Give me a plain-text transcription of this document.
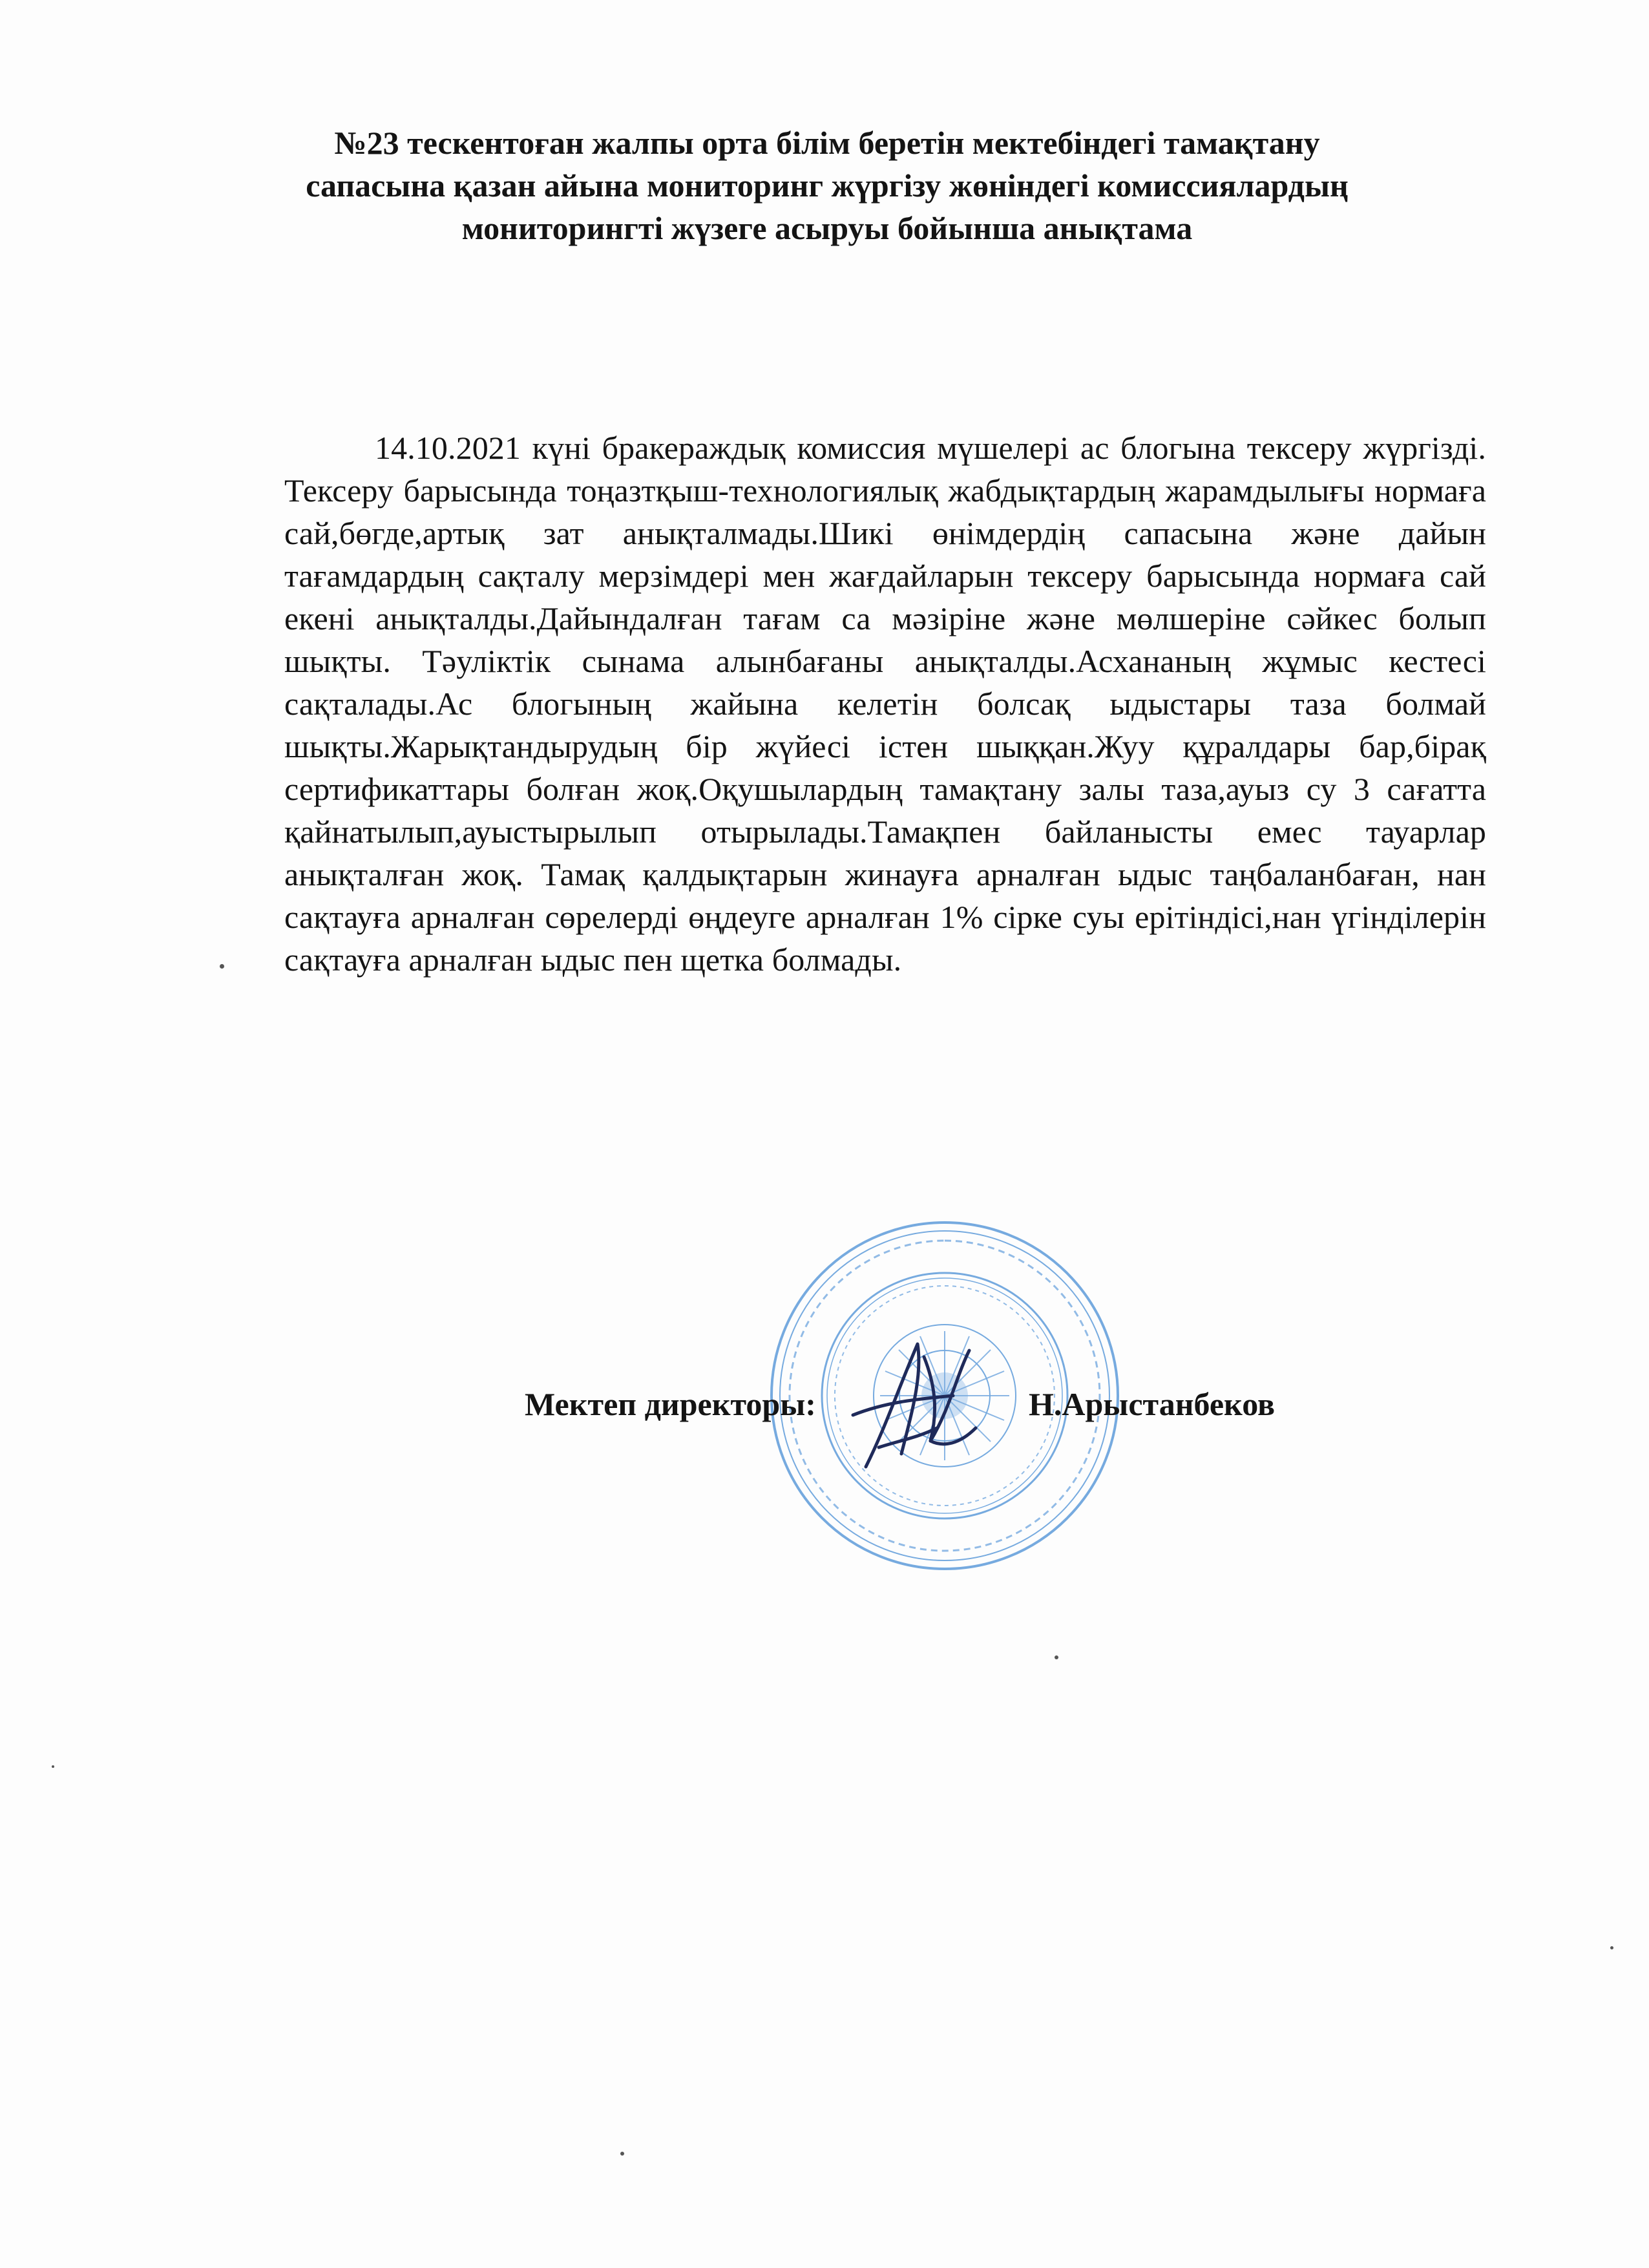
№23 тескентоған жалпы орта білім беретін мектебіндегі тамақтану
сапасына қазан айына мониторинг жүргізу жөніндегі комиссиялардың
мониторингті жүзеге асыруы бойынша анықтама
14.10.2021 күні бракераждық комиссия мүшелері ас блогына тексеру жүргізді. Тексеру барысында тоңазтқыш-технологиялық жабдықтардың жарамдылығы нормаға сай,бөгде,артық зат анықталмады.Шикі өнімдердің сапасына және дайын тағамдардың сақталу мерзімдері мен жағдайларын тексеру барысында нормаға сай екені анықталды.Дайындалған тағам са мәзіріне және мөлшеріне сәйкес болып шықты. Тәуліктік сынама алынбағаны анықталды.Асхананың жұмыс кестесі сақталады.Ас блогының жайына келетін болсақ ыдыстары таза болмай шықты.Жарықтандырудың бір жүйесі істен шыққан.Жуу құралдары бар,бірақ сертификаттары болған жоқ.Оқушылардың тамақтану залы таза,ауыз су 3 сағатта қайнатылып,ауыстырылып отырылады.Тамақпен байланысты емес тауарлар анықталған жоқ. Тамақ қалдықтарын жинауға арналған ыдыс таңбаланбаған, нан сақтауға арналған сөрелерді өңдеуге арналған 1% сірке суы ерітіндісі,нан үгінділерін сақтауға арналған ыдыс пен щетка болмады.
Мектеп директоры:	Н.Арыстанбеков
